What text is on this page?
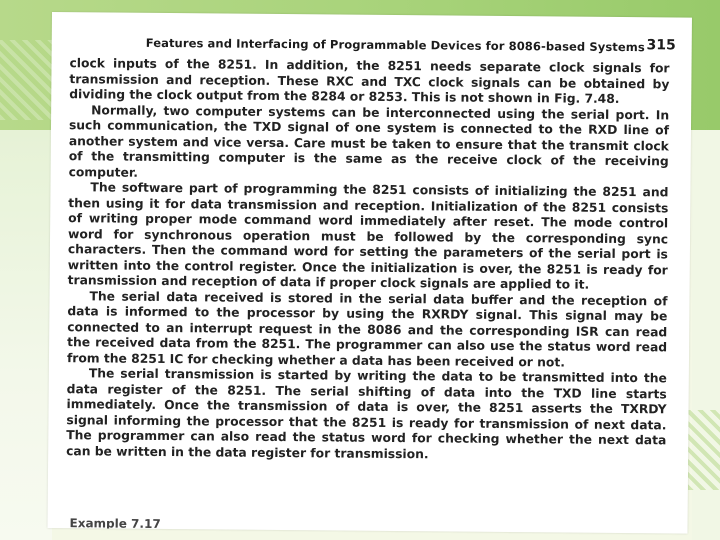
Features and Interfacing of Programmable Devices for 8086-based Systems 315

clock inputs of the 8251. In addition, the 8251 needs separate clock signals for transmission and reception. These RXC and TXC clock signals can be obtained by dividing the clock output from the 8284 or 8253. This is not shown in Fig. 7.48.

Normally, two computer systems can be interconnected using the serial port. In such communication, the TXD signal of one system is connected to the RXD line of another system and vice versa. Care must be taken to ensure that the transmit clock of the transmitting computer is the same as the receive clock of the receiving computer.

The software part of programming the 8251 consists of initializing the 8251 and then using it for data transmission and reception. Initialization of the 8251 consists of writing proper mode command word immediately after reset. The mode control word for synchronous operation must be followed by the corresponding sync characters. Then the command word for setting the parameters of the serial port is written into the control register. Once the initialization is over, the 8251 is ready for transmission and reception of data if proper clock signals are applied to it.

The serial data received is stored in the serial data buffer and the reception of data is informed to the processor by using the RXRDY signal. This signal may be connected to an interrupt request in the 8086 and the corresponding ISR can read the received data from the 8251. The programmer can also use the status word read from the 8251 IC for checking whether a data has been received or not.

The serial transmission is started by writing the data to be transmitted into the data register of the 8251. The serial shifting of data into the TXD line starts immediately. Once the transmission of data is over, the 8251 asserts the TXRDY signal informing the processor that the 8251 is ready for transmission of next data. The programmer can also read the status word for checking whether the next data can be written in the data register for transmission.

Example 7.17
